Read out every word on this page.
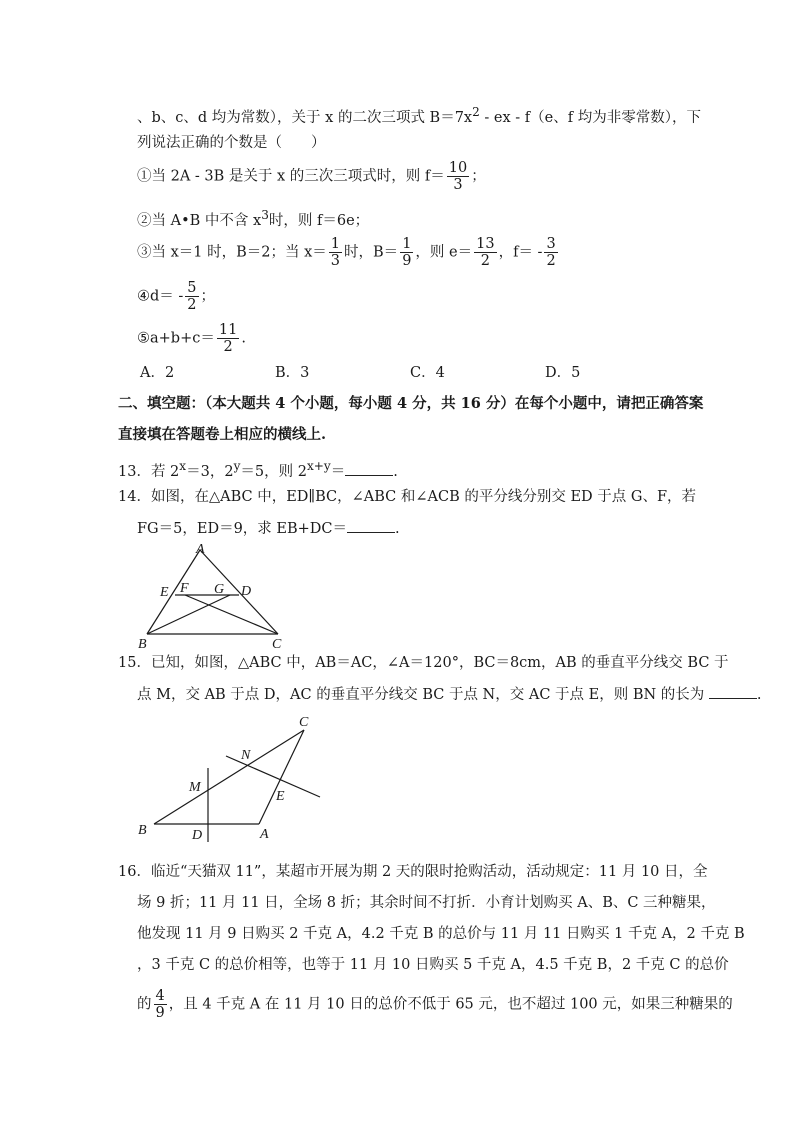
、b、c、d 均为常数），关于 x 的二次三项式 $B=7x^2$ - ex - f（e、f 均为非零常数），下
列说法正确的个数是（　　）
①当 2A - 3B 是关于 x 的三次三项式时，则 $f= \frac{10}{3}$ ；
②当 A•B 中不含 $x^3$时，则 f＝6e；
③当 x＝1 时，B＝2；当 $x= \frac{1}{3}$ 时，$B= \frac{1}{9}$ ，则 $e= \frac{13}{2}$ ，$f= - \frac{3}{2}$
④d＝ - $\frac{5}{2}$ ；
⑤a+b+c＝ $\frac{11}{2}$ .
A．2	B．3	C．4	D．5
二、填空题：（本大题共 4 个小题，每小题 4 分，共 16 分）在每个小题中，请把正确答案
直接填在答题卷上相应的横线上.
13．若 $2^x=3$，$2^y=5$，则 $2^{x+y}=$	.
14．如图，在△ABC 中，ED∥BC，∠ABC 和∠ACB 的平分线分别交 ED 于点 G、F，若
FG＝5，ED＝9，求 EB+DC＝	.
A
B	C
D
E F G
15．已知，如图，△ABC 中，AB＝AC，∠A＝120°，BC＝8cm，AB 的垂直平分线交 BC 于
点 M，交 AB 于点 D，AC 的垂直平分线交 BC 于点 N，交 AC 于点 E，则 BN 的长为	.
A
B
C
D
E
M
N
16．临近“天猫双 11”，某超市开展为期 2 天的限时抢购活动，活动规定：11 月 10 日，全
场 9 折；11 月 11 日，全场 8 折；其余时间不打折．小育计划购买 A、B、C 三种糖果，
他发现 11 月 9 日购买 2 千克 A，4.2 千克 B 的总价与 11 月 11 日购买 1 千克 A，2 千克 B
，3 千克 C 的总价相等，也等于 11 月 10 日购买 5 千克 A，4.5 千克 B，2 千克 C 的总价
的 $\frac{4}{9}$ ，且 4 千克 A 在 11 月 10 日的总价不低于 65 元，也不超过 100 元，如果三种糖果的
